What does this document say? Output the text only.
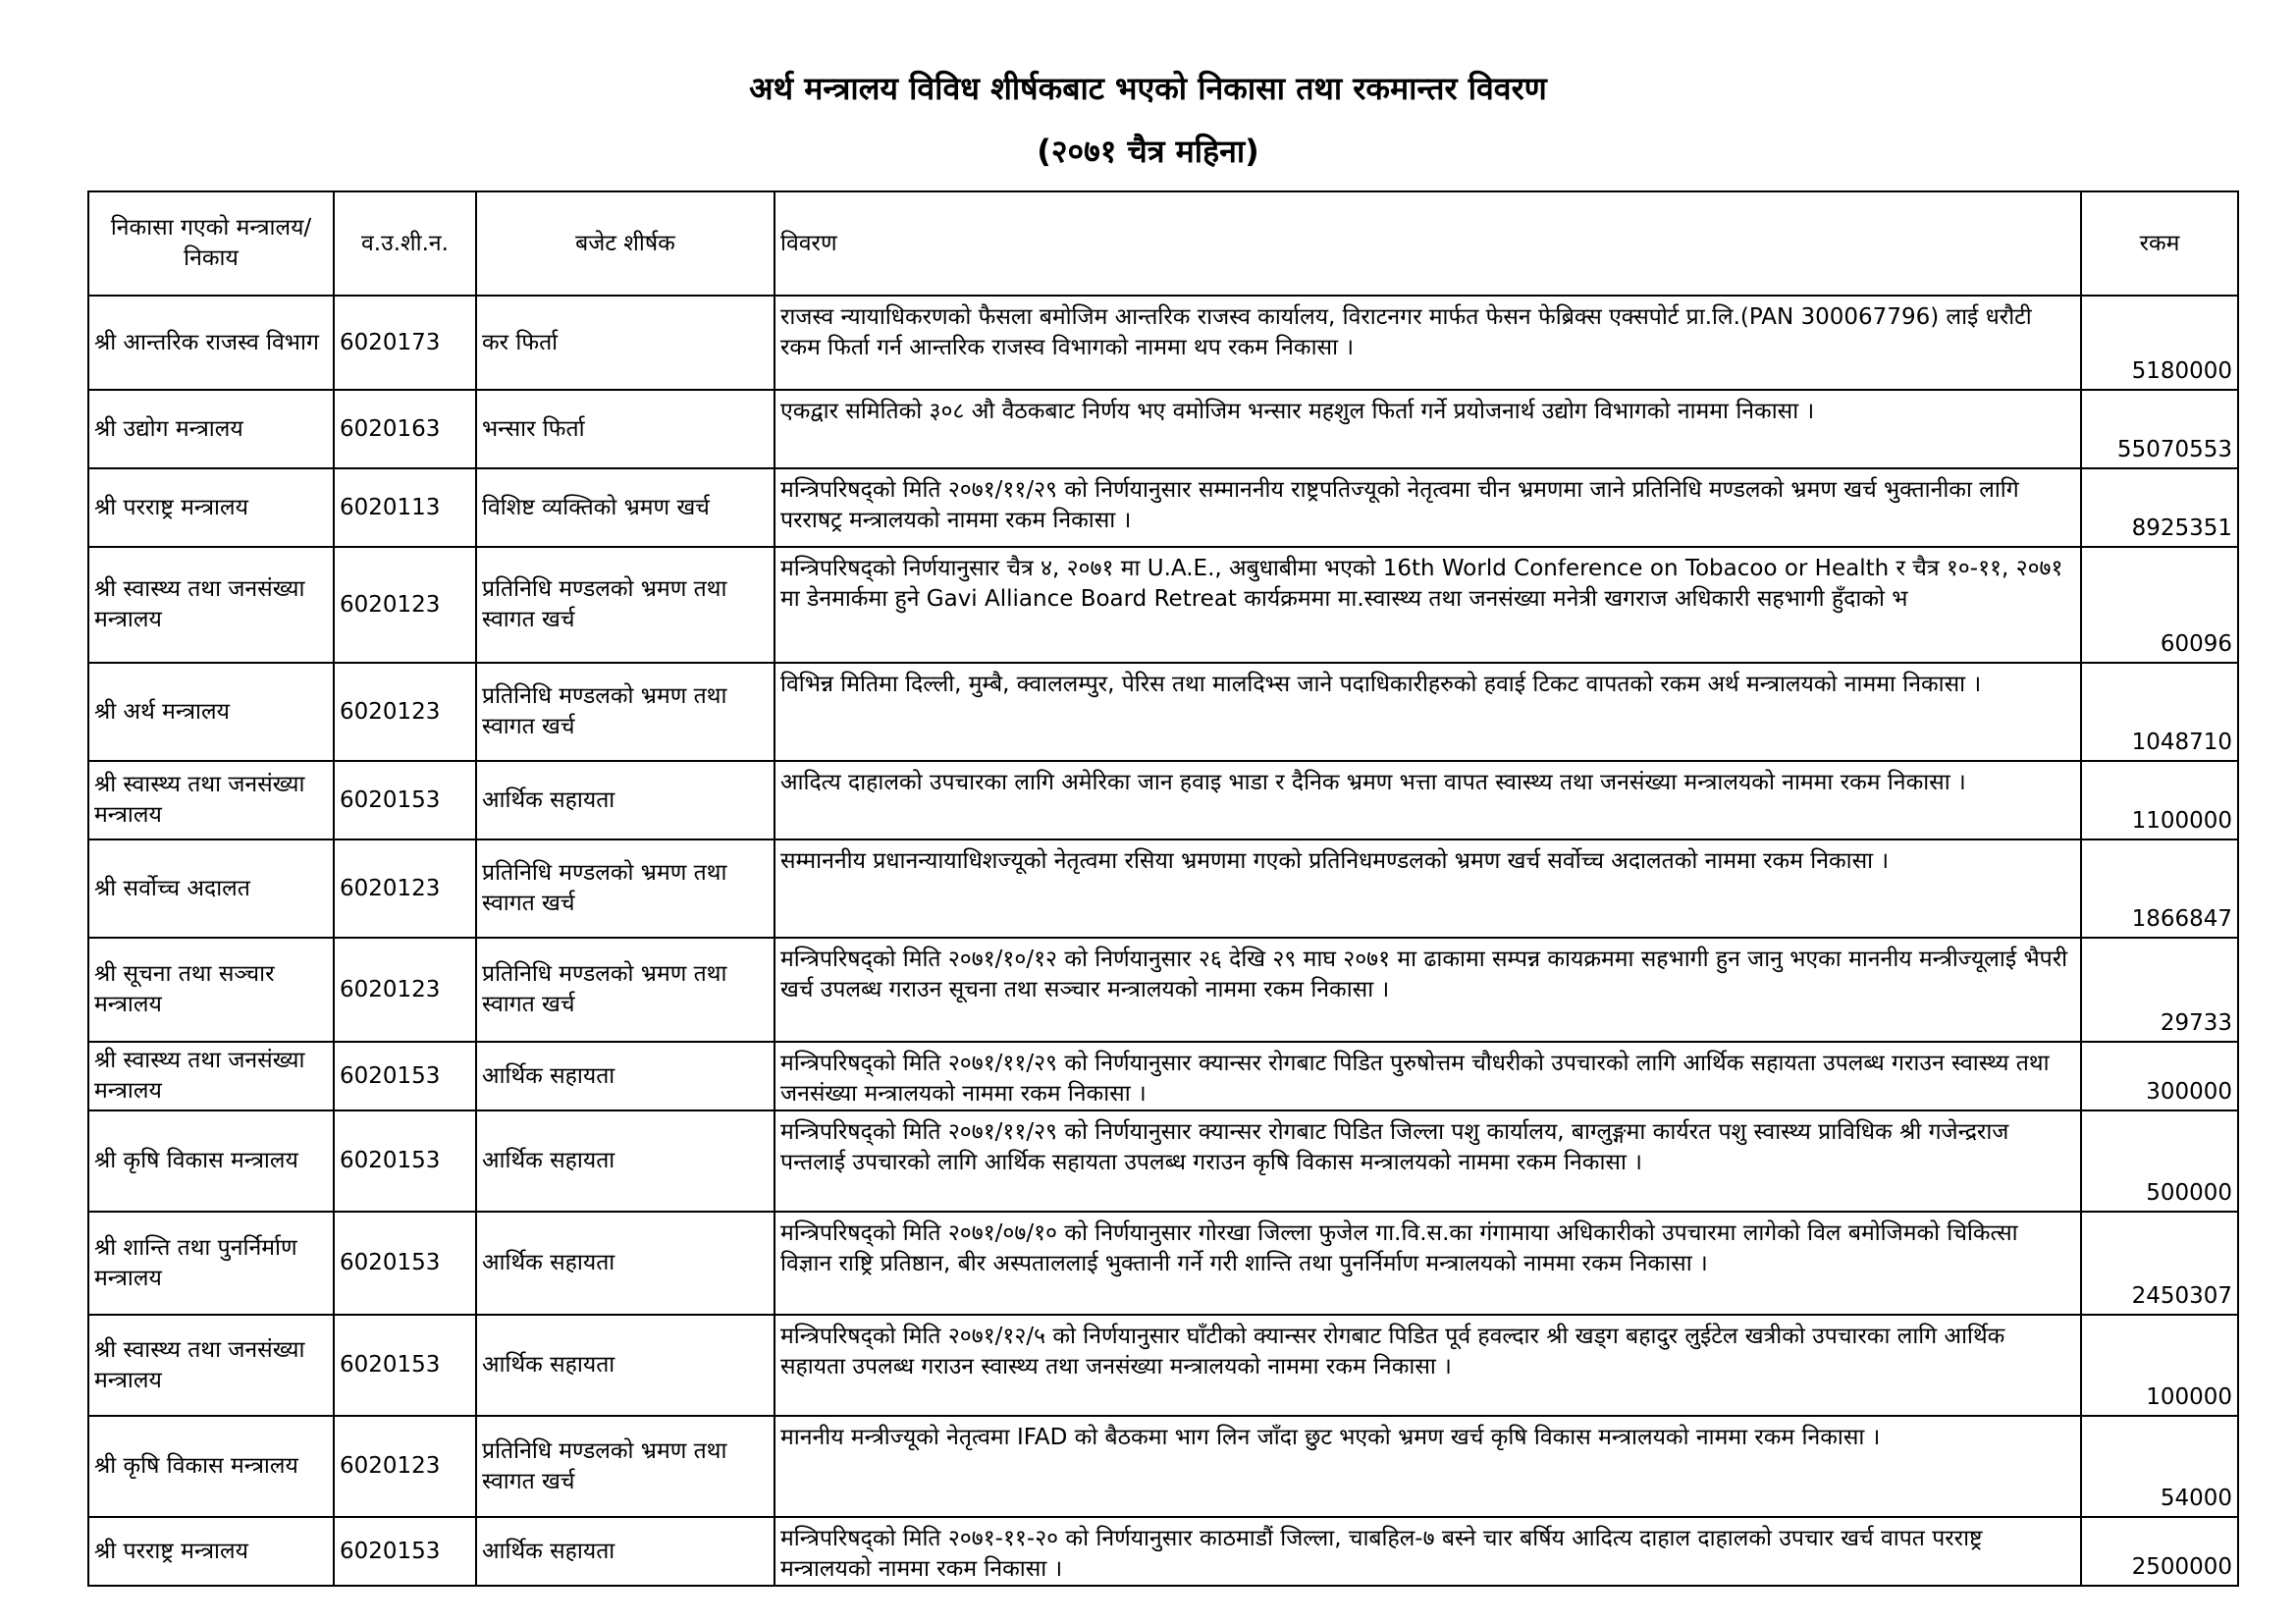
अर्थ मन्त्रालय विविध शीर्षकबाट भएको निकासा तथा रकमान्तर विवरण
(२०७१ चैत्र महिना)
निकासा गएको मन्त्रालय/निकाय	व.उ.शी.न.	बजेट शीर्षक	विवरण	रकम
श्री आन्तरिक राजस्व विभाग	6020173	कर फिर्ता	राजस्व न्यायाधिकरणको फैसला बमोजिम आन्तरिक राजस्व कार्यालय, विराटनगर मार्फत फेसन फेब्रिक्स एक्सपोर्ट प्रा.लि.(PAN 300067796) लाई धरौटी रकम फिर्ता गर्न आन्तरिक राजस्व विभागको नाममा थप रकम निकासा ।	5180000
श्री उद्योग मन्त्रालय	6020163	भन्सार फिर्ता	एकद्वार समितिको ३०८ औ वैठकबाट निर्णय भए वमोजिम भन्सार महशुल फिर्ता गर्ने प्रयोजनार्थ उद्योग विभागको नाममा निकासा ।	55070553
श्री परराष्ट्र मन्त्रालय	6020113	विशिष्ट व्यक्तिको भ्रमण खर्च	मन्त्रिपरिषद्को मिति २०७१/११/२९ को निर्णयानुसार सम्माननीय राष्ट्रपतिज्यूको नेतृत्वमा चीन भ्रमणमा जाने प्रतिनिधि मण्डलको भ्रमण खर्च भुक्तानीका लागि परराषट्र मन्त्रालयको नाममा रकम निकासा ।	8925351
श्री स्वास्थ्य तथा जनसंख्या मन्त्रालय	6020123	प्रतिनिधि मण्डलको भ्रमण तथा स्वागत खर्च	मन्त्रिपरिषद्को निर्णयानुसार चैत्र ४, २०७१ मा U.A.E., अबुधाबीमा भएको 16th World Conference on Tobacoo or Health र चैत्र १०-११, २०७१ मा डेनमार्कमा हुने Gavi Alliance Board Retreat कार्यक्रममा मा.स्वास्थ्य तथा जनसंख्या मनेत्री खगराज अधिकारी सहभागी हुँदाको भ	60096
श्री अर्थ मन्त्रालय	6020123	प्रतिनिधि मण्डलको भ्रमण तथा स्वागत खर्च	विभिन्न मितिमा दिल्ली, मुम्बै, क्वाललम्पुर, पेरिस तथा मालदिभ्स जाने पदाधिकारीहरुको हवाई टिकट वापतको रकम अर्थ मन्त्रालयको नाममा निकासा ।	1048710
श्री स्वास्थ्य तथा जनसंख्या मन्त्रालय	6020153	आर्थिक सहायता	आदित्य दाहालको उपचारका लागि अमेरिका जान हवाइ भाडा र दैनिक भ्रमण भत्ता वापत स्वास्थ्य तथा जनसंख्या मन्त्रालयको नाममा रकम निकासा ।	1100000
श्री सर्वोच्च अदालत	6020123	प्रतिनिधि मण्डलको भ्रमण तथा स्वागत खर्च	सम्माननीय प्रधानन्यायाधिशज्यूको नेतृत्वमा रसिया भ्रमणमा गएको प्रतिनिधमण्डलको भ्रमण खर्च सर्वोच्च अदालतको नाममा रकम निकासा ।	1866847
श्री सूचना तथा सञ्चार मन्त्रालय	6020123	प्रतिनिधि मण्डलको भ्रमण तथा स्वागत खर्च	मन्त्रिपरिषद्को मिति २०७१/१०/१२ को निर्णयानुसार २६ देखि २९ माघ २०७१ मा ढाकामा सम्पन्न कायक्रममा सहभागी हुन जानु भएका माननीय मन्त्रीज्यूलाई भैपरी खर्च उपलब्ध गराउन सूचना तथा सञ्चार मन्त्रालयको नाममा रकम निकासा ।	29733
श्री स्वास्थ्य तथा जनसंख्या मन्त्रालय	6020153	आर्थिक सहायता	मन्त्रिपरिषद्को मिति २०७१/११/२९ को निर्णयानुसार क्यान्सर रोगबाट पिडित पुरुषोत्तम चौधरीको उपचारको लागि आर्थिक सहायता उपलब्ध गराउन स्वास्थ्य तथा जनसंख्या मन्त्रालयको नाममा रकम निकासा ।	300000
श्री कृषि विकास मन्त्रालय	6020153	आर्थिक सहायता	मन्त्रिपरिषद्को मिति २०७१/११/२९ को निर्णयानुसार क्यान्सर रोगबाट पिडित जिल्ला पशु कार्यालय, बाग्लुङ्गमा कार्यरत पशु स्वास्थ्य प्राविधिक श्री गजेन्द्रराज पन्तलाई उपचारको लागि आर्थिक सहायता उपलब्ध गराउन कृषि विकास मन्त्रालयको नाममा रकम निकासा ।	500000
श्री शान्ति तथा पुनर्निर्माण मन्त्रालय	6020153	आर्थिक सहायता	मन्त्रिपरिषद्को मिति २०७१/०७/१० को निर्णयानुसार गोरखा जिल्ला फुजेल गा.वि.स.का गंगामाया अधिकारीको उपचारमा लागेको विल बमोजिमको चिकित्सा विज्ञान राष्ट्रि प्रतिष्ठान, बीर अस्पताललाई भुक्तानी गर्ने गरी शान्ति तथा पुनर्निर्माण मन्त्रालयको नाममा रकम निकासा ।	2450307
श्री स्वास्थ्य तथा जनसंख्या मन्त्रालय	6020153	आर्थिक सहायता	मन्त्रिपरिषद्को मिति २०७१/१२/५ को निर्णयानुसार घाँटीको क्यान्सर रोगबाट पिडित पूर्व हवल्दार श्री खड्ग बहादुर लुईटेल खत्रीको उपचारका लागि आर्थिक सहायता उपलब्ध गराउन स्वास्थ्य तथा जनसंख्या मन्त्रालयको नाममा रकम निकासा ।	100000
श्री कृषि विकास मन्त्रालय	6020123	प्रतिनिधि मण्डलको भ्रमण तथा स्वागत खर्च	माननीय मन्त्रीज्यूको नेतृत्वमा IFAD को बैठकमा भाग लिन जाँदा छुट भएको भ्रमण खर्च कृषि विकास मन्त्रालयको नाममा रकम निकासा ।	54000
श्री परराष्ट्र मन्त्रालय	6020153	आर्थिक सहायता	मन्त्रिपरिषद्को मिति २०७१-११-२० को निर्णयानुसार काठमाडौं जिल्ला, चाबहिल-७ बस्ने चार बर्षिय आदित्य दाहाल दाहालको उपचार खर्च वापत परराष्ट्र मन्त्रालयको नाममा रकम निकासा ।	2500000
